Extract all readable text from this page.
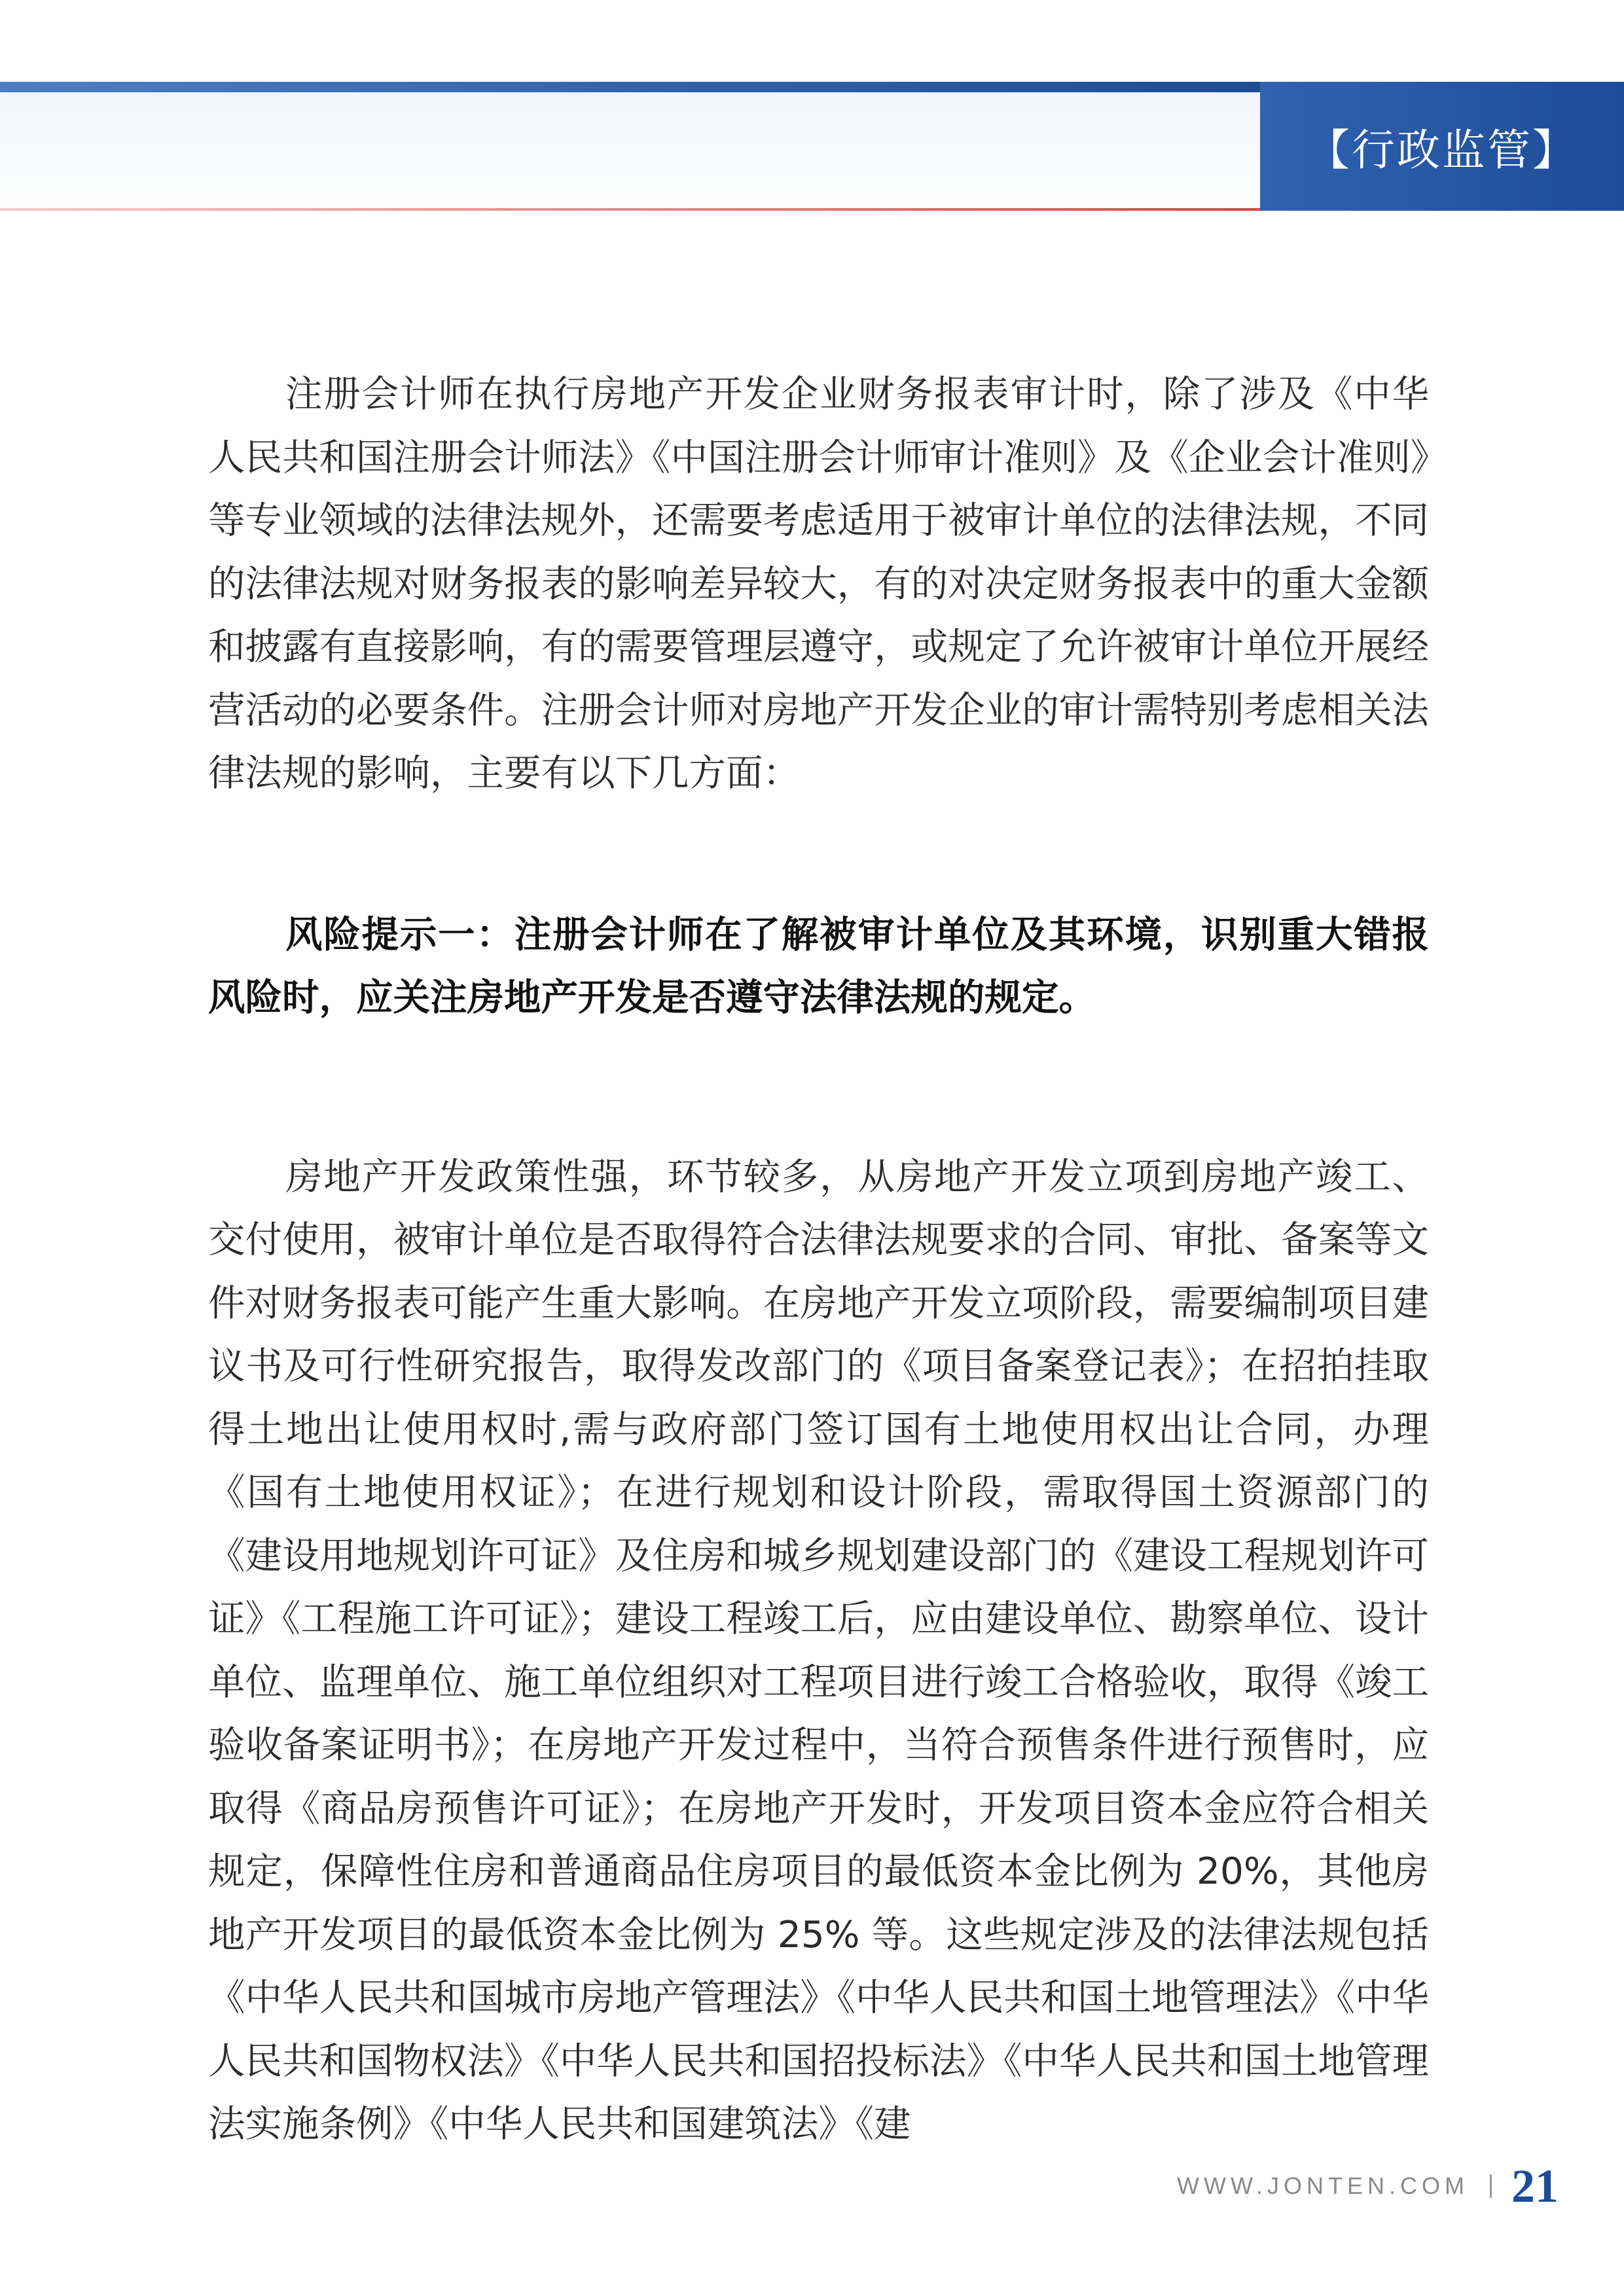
【行政监管】

注册会计师在执行房地产开发企业财务报表审计时，除了涉及《中华人民共和国注册会计师法》《中国注册会计师审计准则》及《企业会计准则》等专业领域的法律法规外，还需要考虑适用于被审计单位的法律法规，不同的法律法规对财务报表的影响差异较大，有的对决定财务报表中的重大金额和披露有直接影响，有的需要管理层遵守，或规定了允许被审计单位开展经营活动的必要条件。注册会计师对房地产开发企业的审计需特别考虑相关法律法规的影响，主要有以下几方面：

风险提示一：注册会计师在了解被审计单位及其环境，识别重大错报风险时，应关注房地产开发是否遵守法律法规的规定。

房地产开发政策性强，环节较多，从房地产开发立项到房地产竣工、交付使用，被审计单位是否取得符合法律法规要求的合同、审批、备案等文件对财务报表可能产生重大影响。在房地产开发立项阶段，需要编制项目建议书及可行性研究报告，取得发改部门的《项目备案登记表》；在招拍挂取得土地出让使用权时,需与政府部门签订国有土地使用权出让合同，办理《国有土地使用权证》；在进行规划和设计阶段，需取得国土资源部门的《建设用地规划许可证》及住房和城乡规划建设部门的《建设工程规划许可证》《工程施工许可证》；建设工程竣工后，应由建设单位、勘察单位、设计单位、监理单位、施工单位组织对工程项目进行竣工合格验收，取得《竣工验收备案证明书》；在房地产开发过程中，当符合预售条件进行预售时，应取得《商品房预售许可证》；在房地产开发时，开发项目资本金应符合相关规定，保障性住房和普通商品住房项目的最低资本金比例为 20%，其他房地产开发项目的最低资本金比例为 25% 等。这些规定涉及的法律法规包括《中华人民共和国城市房地产管理法》《中华人民共和国土地管理法》《中华人民共和国物权法》《中华人民共和国招投标法》《中华人民共和国土地管理法实施条例》《中华人民共和国建筑法》《建

WWW.JONTEN.COM 21
